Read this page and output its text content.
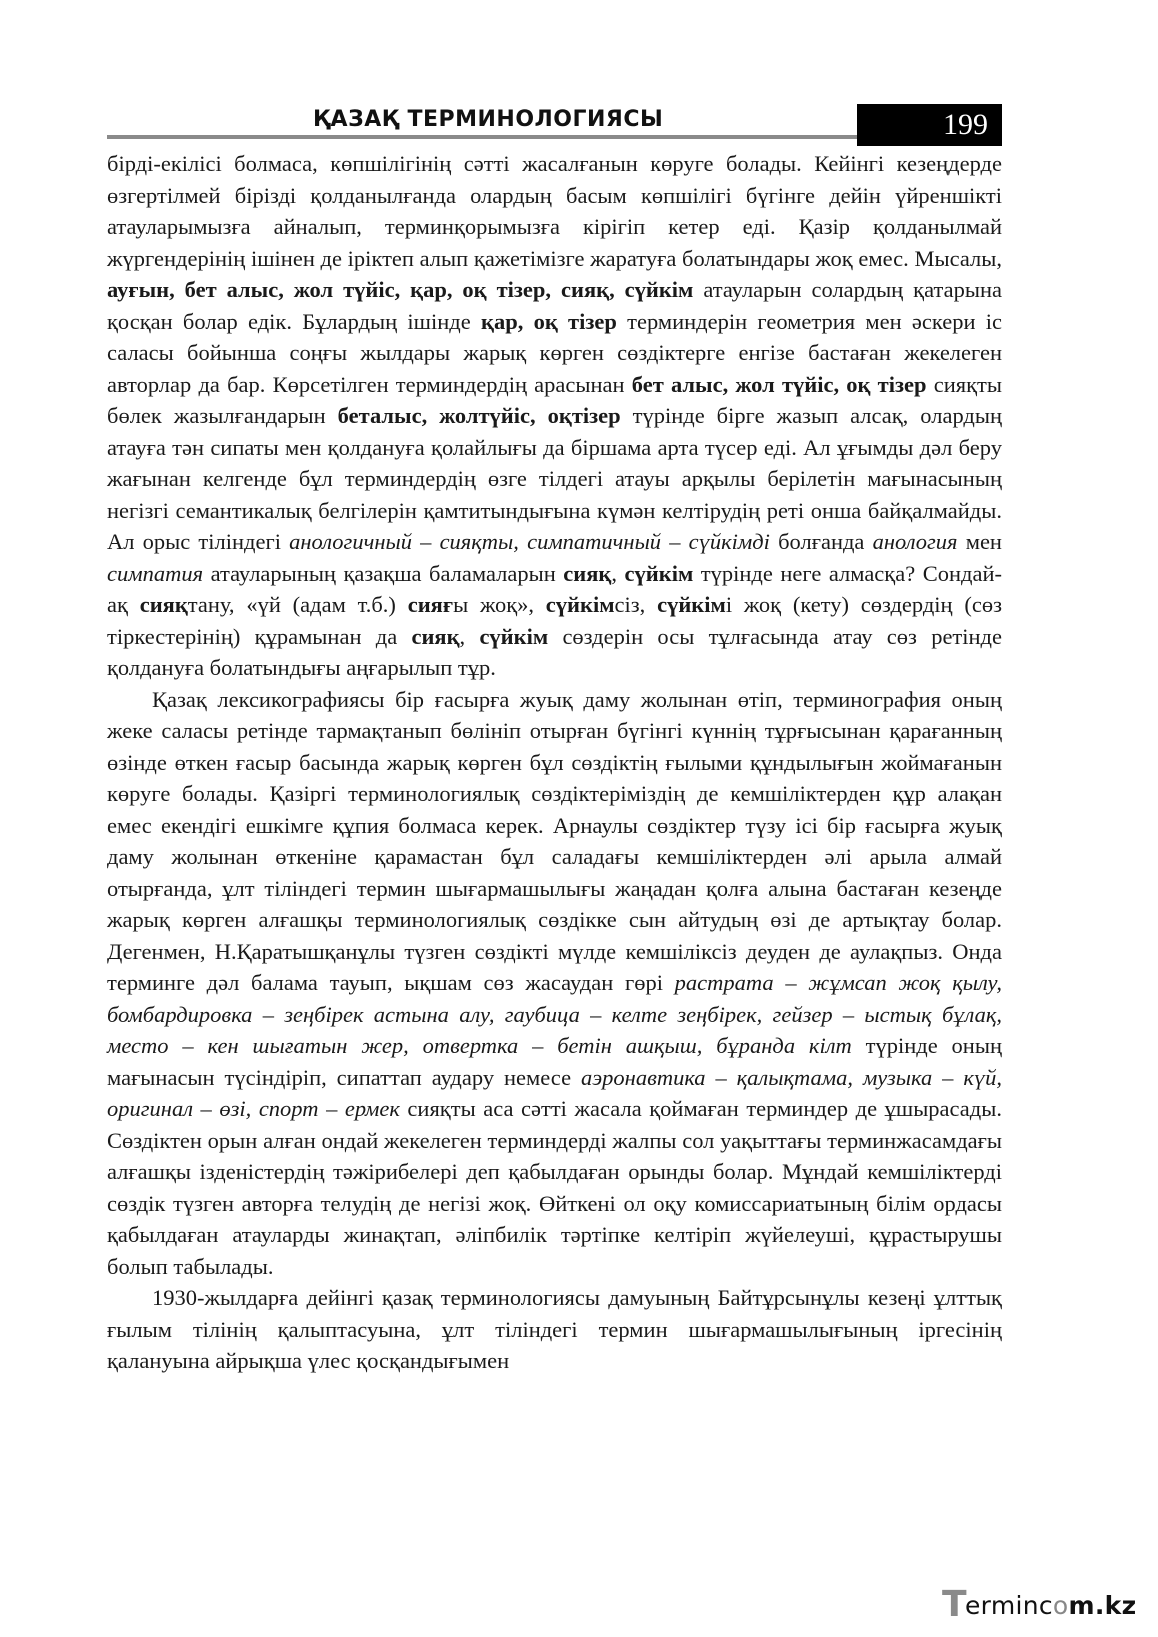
ҚАЗАҚ ТЕРМИНОЛОГИЯСЫ	199

бірді-екілісі болмаса, көпшілігінің сәтті жасалғанын көруге болады. Кейінгі кезеңдерде өзгертілмей бірізді қолданылғанда олардың басым көпшілігі бүгінге дейін үйреншікті атауларымызға айналып, терминқорымызға кірігіп кетер еді. Қазір қолданылмай жүргендерінің ішінен де іріктеп алып қажетімізге жаратуға болатындары жоқ емес. Мысалы, ауғын, бет алыс, жол түйіс, қар, оқ тізер, сияқ, сүйкім атауларын солардың қатарына қосқан болар едік. Бұлардың ішінде қар, оқ тізер терминдерін геометрия мен әскери іс саласы бойынша соңғы жылдары жарық көрген сөздіктерге енгізе бастаған жекелеген авторлар да бар. Көрсетілген терминдердің арасынан бет алыс, жол түйіс, оқ тізер сияқты бөлек жазылғандарын беталыс, жолтүйіс, оқтізер түрінде бірге жазып алсақ, олардың атауға тән сипаты мен қолдануға қолайлығы да біршама арта түсер еді. Ал ұғымды дәл беру жағынан келгенде бұл терминдердің өзге тілдегі атауы арқылы берілетін мағынасының негізгі семантикалық белгілерін қамтитындығына күмән келтірудің реті онша байқалмайды. Ал орыс тіліндегі анологичный – сияқты, симпатичный – сүйкімді болғанда анология мен симпатия атауларының қазақша баламаларын сияқ, сүйкім түрінде неге алмасқа? Сондай-ақ сияқтану, «үй (адам т.б.) сияғы жоқ», сүйкімсіз, сүйкімі жоқ (кету) сөздердің (сөз тіркестерінің) құрамынан да сияқ, сүйкім сөздерін осы тұлғасында атау сөз ретінде қолдануға болатындығы аңғарылып тұр.

Қазақ лексикографиясы бір ғасырға жуық даму жолынан өтіп, терминография оның жеке саласы ретінде тармақтанып бөлініп отырған бүгінгі күннің тұрғысынан қарағанның өзінде өткен ғасыр басында жарық көрген бұл сөздіктің ғылыми құндылығын жоймағанын көруге болады. Қазіргі терминологиялық сөздіктеріміздің де кемшіліктерден құр алақан емес екендігі ешкімге құпия болмаса керек. Арнаулы сөздіктер түзу ісі бір ғасырға жуық даму жолынан өткеніне қарамастан бұл саладағы кемшіліктерден әлі арыла алмай отырғанда, ұлт тіліндегі термин шығармашылығы жаңадан қолға алына бастаған кезеңде жарық көрген алғашқы терминологиялық сөздікке сын айтудың өзі де артықтау болар. Дегенмен, Н.Қаратышқанұлы түзген сөздікті мүлде кемшіліксіз деуден де аулақпыз. Онда терминге дәл балама тауып, ықшам сөз жасаудан гөрі растрата – жұмсап жоқ қылу, бомбардировка – зеңбірек астына алу, гаубица – келте зеңбірек, гейзер – ыстық бұлақ, место – кен шығатын жер, отвертка – бетін ашқыш, бұранда кілт түрінде оның мағынасын түсіндіріп, сипаттап аудару немесе аэронавтика – қалықтама, музыка – күй, оригинал – өзі, спорт – ермек сияқты аса сәтті жасала қоймаған терминдер де ұшырасады. Сөздіктен орын алған ондай жекелеген терминдерді жалпы сол уақыттағы терминжасамдағы алғашқы ізденістердің тәжірибелері деп қабылдаған орынды болар. Мұндай кемшіліктерді сөздік түзген авторға телудің де негізі жоқ. Өйткені ол оқу комиссариатының білім ордасы қабылдаған атауларды жинақтап, әліпбилік тәртіпке келтіріп жүйелеуші, құрастырушы болып табылады.

1930-жылдарға дейінгі қазақ терминологиясы дамуының Байтұрсынұлы кезеңі ұлттық ғылым тілінің қалыптасуына, ұлт тіліндегі термин шығармашылығының іргесінің қалануына айрықша үлес қосқандығымен

T
ermincom.kz
